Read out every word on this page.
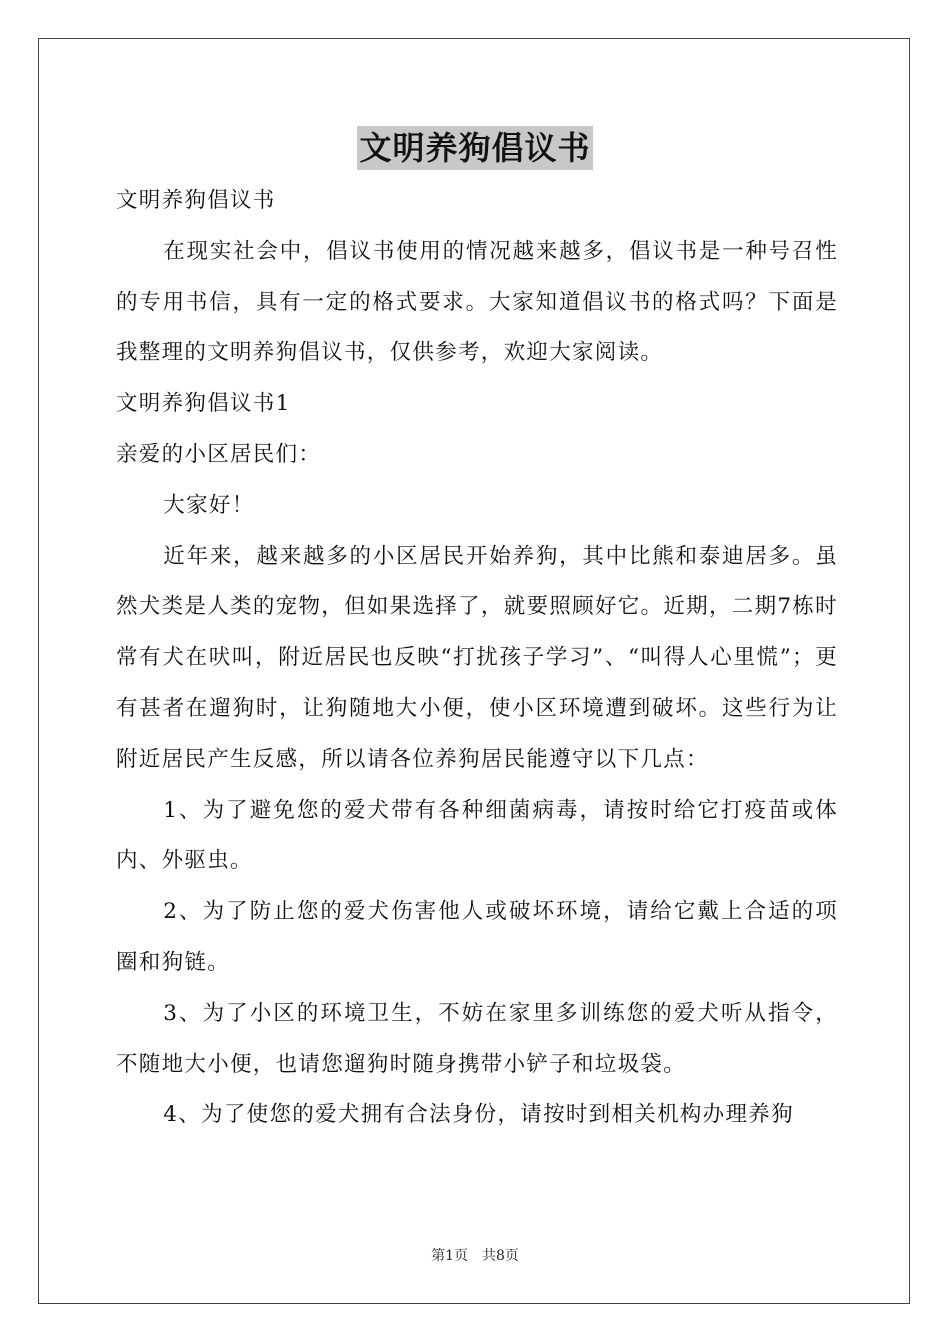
文明养狗倡议书

文明养狗倡议书

在现实社会中，倡议书使用的情况越来越多，倡议书是一种号召性的专用书信，具有一定的格式要求。大家知道倡议书的格式吗？下面是我整理的文明养狗倡议书，仅供参考，欢迎大家阅读。

文明养狗倡议书1

亲爱的小区居民们：

大家好！

近年来，越来越多的小区居民开始养狗，其中比熊和泰迪居多。虽然犬类是人类的宠物，但如果选择了，就要照顾好它。近期，二期7栋时常有犬在吠叫，附近居民也反映“打扰孩子学习”、“叫得人心里慌”；更有甚者在遛狗时，让狗随地大小便，使小区环境遭到破坏。这些行为让附近居民产生反感，所以请各位养狗居民能遵守以下几点：

1、为了避免您的爱犬带有各种细菌病毒，请按时给它打疫苗或体内、外驱虫。

2、为了防止您的爱犬伤害他人或破坏环境，请给它戴上合适的项圈和狗链。

3、为了小区的环境卫生，不妨在家里多训练您的爱犬听从指令，不随地大小便，也请您遛狗时随身携带小铲子和垃圾袋。

4、为了使您的爱犬拥有合法身份，请按时到相关机构办理养狗

第1页 共8页
